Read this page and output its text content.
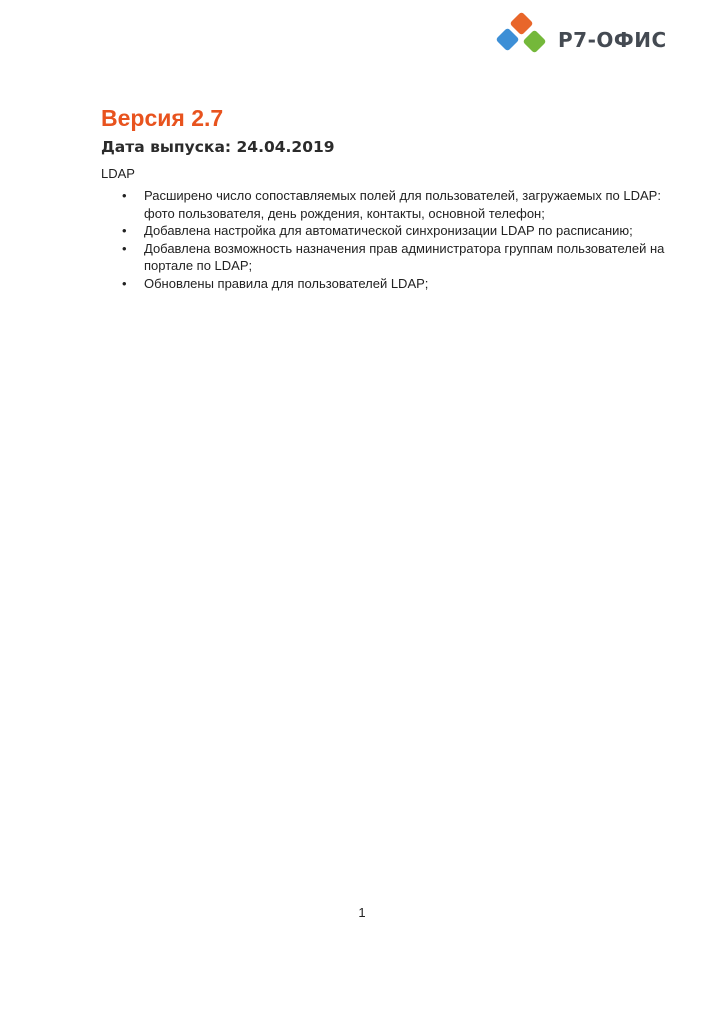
Р7-ОФИС
Версия 2.7
Дата выпуска: 24.04.2019

LDAP

• Расширено число сопоставляемых полей для пользователей, загружаемых по LDAP: фото пользователя, день рождения, контакты, основной телефон;
• Добавлена настройка для автоматической синхронизации LDAP по расписанию;
• Добавлена возможность назначения прав администратора группам пользователей на портале по LDAP;
• Обновлены правила для пользователей LDAP;

1
